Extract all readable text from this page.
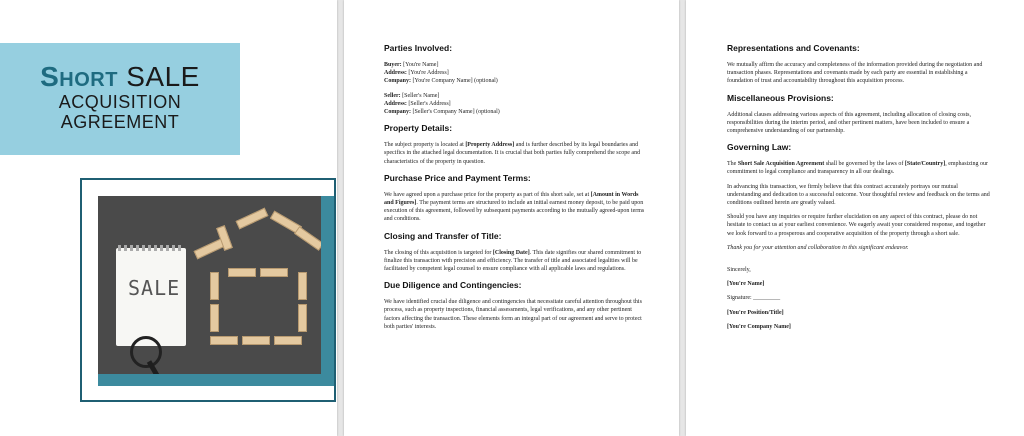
Short SALE
ACQUISITION
AGREEMENT
SALE
Parties Involved:

Buyer: [You're Name]
Address: [You're Address]
Company: [You're Company Name] (optional)

Seller: [Seller's Name]
Address: [Seller's Address]
Company: [Seller's Company Name] (optional)

Property Details:

The subject property is located at [Property Address] and is further described by its legal boundaries and specifics in the attached legal documentation. It is crucial that both parties fully comprehend the scope and characteristics of the property in question.

Purchase Price and Payment Terms:

We have agreed upon a purchase price for the property as part of this short sale, set at [Amount in Words and Figures]. The payment terms are structured to include an initial earnest money deposit, to be paid upon execution of this agreement, followed by subsequent payments according to the mutually agreed-upon terms and conditions.

Closing and Transfer of Title:

The closing of this acquisition is targeted for [Closing Date]. This date signifies our shared commitment to finalize this transaction with precision and efficiency. The transfer of title and associated legalities will be facilitated by competent legal counsel to ensure compliance with all applicable laws and regulations.

Due Diligence and Contingencies:

We have identified crucial due diligence and contingencies that necessitate careful attention throughout this process, such as property inspections, financial assessments, legal verifications, and any other pertinent factors affecting the transaction. These elements form an integral part of our agreement and serve to protect both parties' interests.

Representations and Covenants:

We mutually affirm the accuracy and completeness of the information provided during the negotiation and transaction phases. Representations and covenants made by each party are essential in establishing a foundation of trust and accountability throughout this acquisition process.

Miscellaneous Provisions:

Additional clauses addressing various aspects of this agreement, including allocation of closing costs, responsibilities during the interim period, and other pertinent matters, have been included to ensure a comprehensive understanding of our partnership.

Governing Law:

The Short Sale Acquisition Agreement shall be governed by the laws of [State/Country], emphasizing our commitment to legal compliance and transparency in all our dealings.

In advancing this transaction, we firmly believe that this contract accurately portrays our mutual understanding and dedication to a successful outcome. Your thoughtful review and feedback on the terms and conditions outlined herein are greatly valued.

Should you have any inquiries or require further elucidation on any aspect of this contract, please do not hesitate to contact us at your earliest convenience. We eagerly await your considered response, and together we look forward to a prosperous and cooperative acquisition of the property through a short sale.

Thank you for your attention and collaboration in this significant endeavor.

Sincerely,

[You're Name]

Signature: _________

[You're Position/Title]

[You're Company Name]
